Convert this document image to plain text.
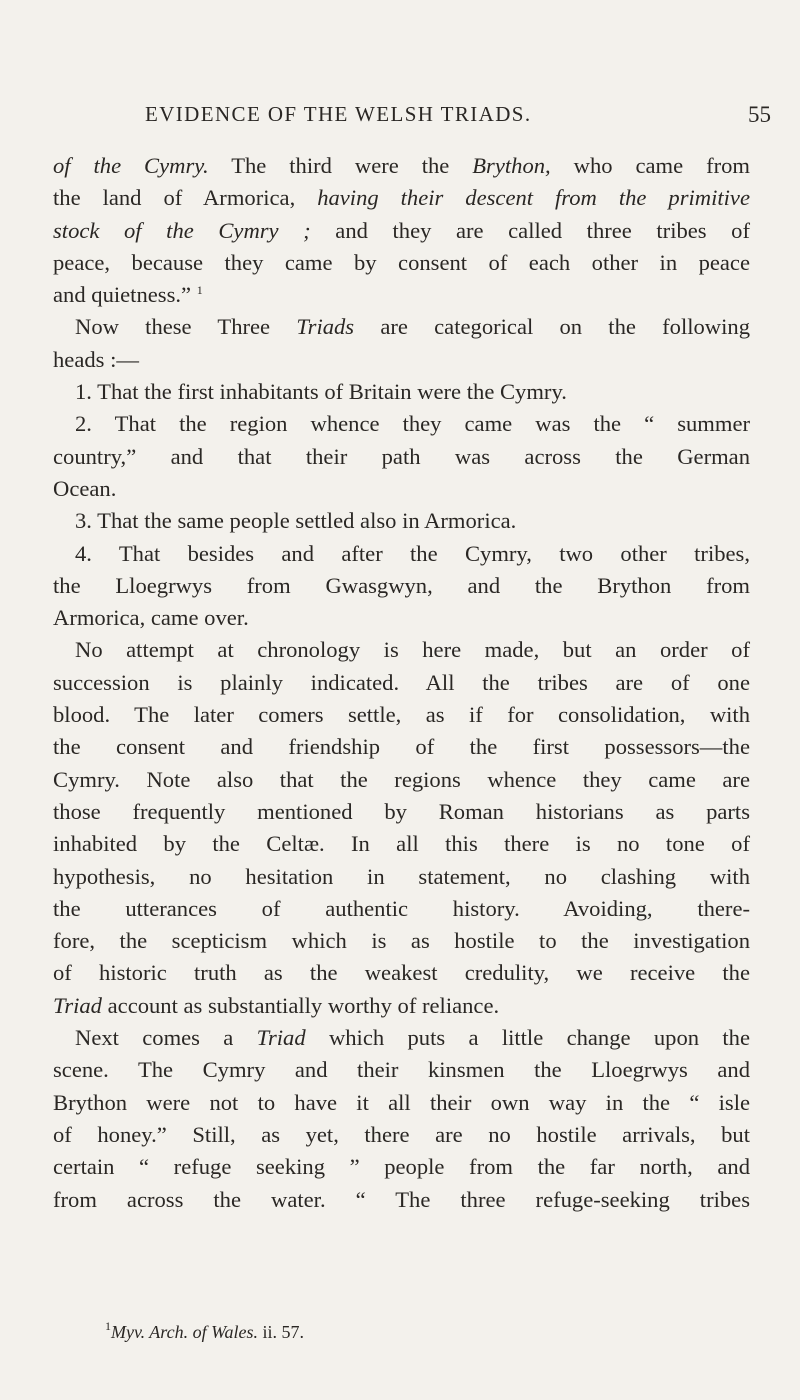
EVIDENCE OF THE WELSH TRIADS.	55
of the Cymry. The third were the Brython, who came from
the land of Armorica, having their descent from the primitive
stock of the Cymry ; and they are called three tribes of
peace, because they came by consent of each other in peace
and quietness.” $^1$
Now these Three Triads are categorical on the following
heads :—
1. That the first inhabitants of Britain were the Cymry.
2. That the region whence they came was the “ summer
country,” and that their path was across the German
Ocean.
3. That the same people settled also in Armorica.
4. That besides and after the Cymry, two other tribes,
the Lloegrwys from Gwasgwyn, and the Brython from
Armorica, came over.
No attempt at chronology is here made, but an order of
succession is plainly indicated. All the tribes are of one
blood. The later comers settle, as if for consolidation, with
the consent and friendship of the first possessors—the
Cymry. Note also that the regions whence they came are
those frequently mentioned by Roman historians as parts
inhabited by the Celtæ. In all this there is no tone of
hypothesis, no hesitation in statement, no clashing with
the utterances of authentic history. Avoiding, there-
fore, the scepticism which is as hostile to the investigation
of historic truth as the weakest credulity, we receive the
Triad account as substantially worthy of reliance.
Next comes a Triad which puts a little change upon the
scene. The Cymry and their kinsmen the Lloegrwys and
Brython were not to have it all their own way in the “ isle
of honey.” Still, as yet, there are no hostile arrivals, but
certain “ refuge seeking ” people from the far north, and
from across the water. “ The three refuge-seeking tribes
$^1$Myv. Arch. of Wales. ii. 57.
